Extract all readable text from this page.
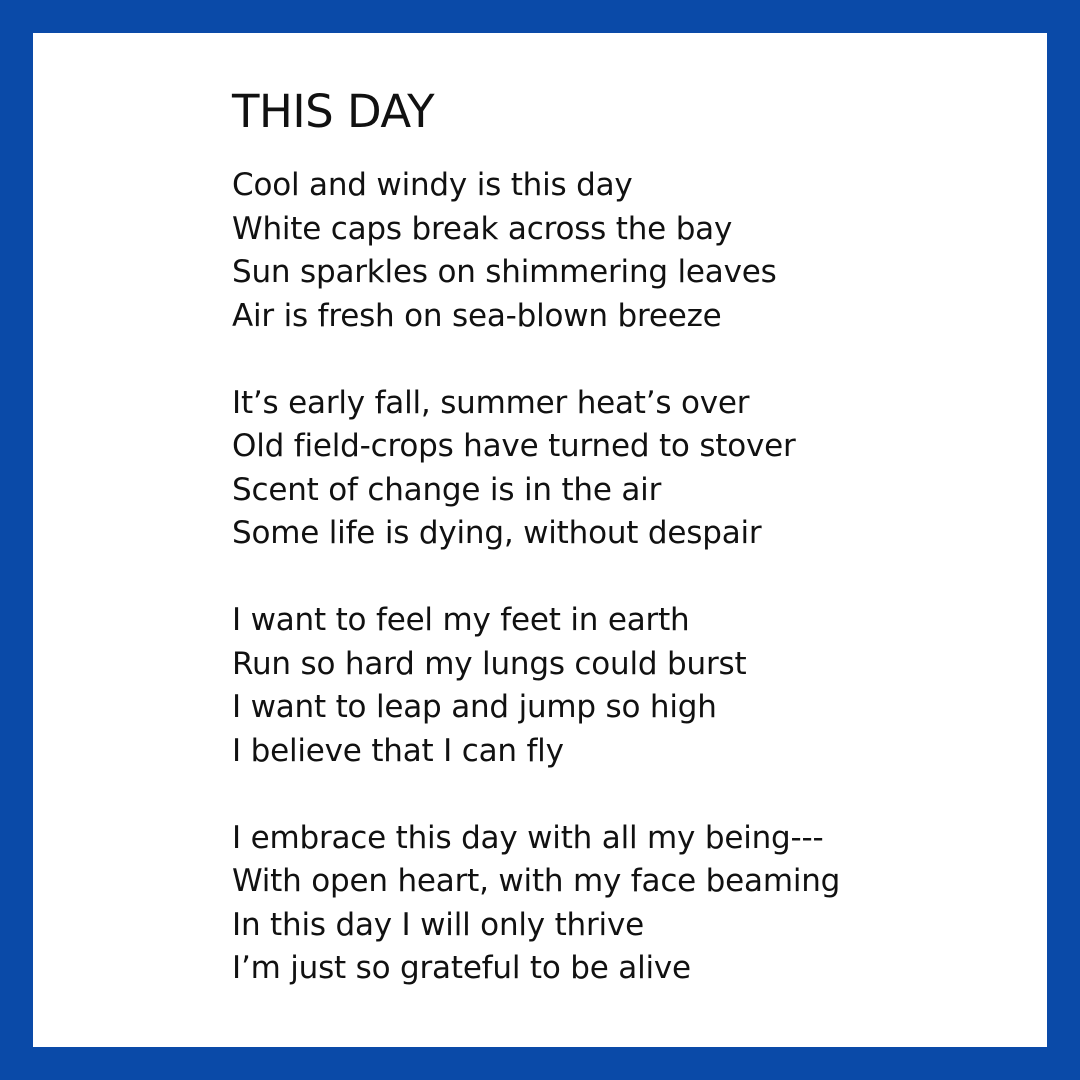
THIS DAY
Cool and windy is this day
White caps break across the bay
Sun sparkles on shimmering leaves
Air is fresh on sea-blown breeze
It’s early fall, summer heat’s over
Old field-crops have turned to stover
Scent of change is in the air
Some life is dying, without despair
I want to feel my feet in earth
Run so hard my lungs could burst
I want to leap and jump so high
I believe that I can fly
I embrace this day with all my being---
With open heart, with my face beaming
In this day I will only thrive
I’m just so grateful to be alive
